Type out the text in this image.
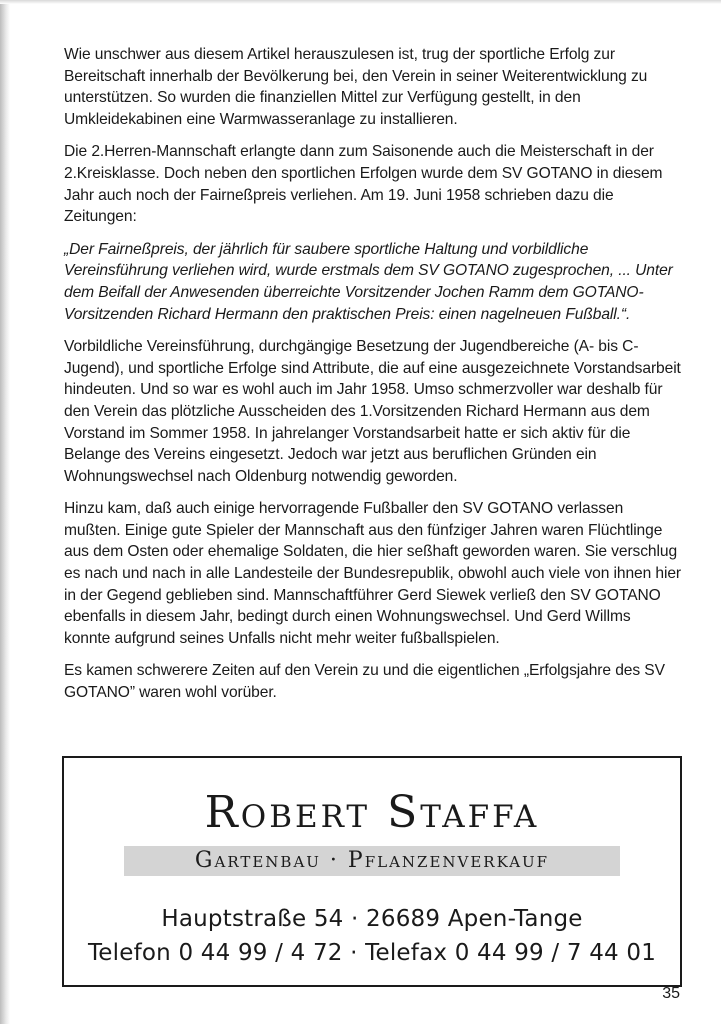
Wie unschwer aus diesem Artikel herauszulesen ist, trug der sportliche Erfolg zur Bereitschaft innerhalb der Bevölkerung bei, den Verein in seiner Weiterentwicklung zu unterstützen. So wurden die finanziellen Mittel zur Verfügung gestellt, in den Umkleidekabinen eine Warmwasseranlage zu installieren.

Die 2.Herren-Mannschaft erlangte dann zum Saisonende auch die Meisterschaft in der 2.Kreisklasse. Doch neben den sportlichen Erfolgen wurde dem SV GOTANO in diesem Jahr auch noch der Fairneßpreis verliehen. Am 19. Juni 1958 schrieben dazu die Zeitungen:

„Der Fairneßpreis, der jährlich für saubere sportliche Haltung und vorbildliche Vereinsführung verliehen wird, wurde erstmals dem SV GOTANO zugesprochen, ... Unter dem Beifall der Anwesenden überreichte Vorsitzender Jochen Ramm dem GOTANO-Vorsitzenden Richard Hermann den praktischen Preis: einen nagelneuen Fußball.“.

Vorbildliche Vereinsführung, durchgängige Besetzung der Jugendbereiche (A- bis C-Jugend), und sportliche Erfolge sind Attribute, die auf eine ausgezeichnete Vorstandsarbeit hindeuten. Und so war es wohl auch im Jahr 1958. Umso schmerzvoller war deshalb für den Verein das plötzliche Ausscheiden des 1.Vorsitzenden Richard Hermann aus dem Vorstand im Sommer 1958. In jahrelanger Vorstandsarbeit hatte er sich aktiv für die Belange des Vereins eingesetzt. Jedoch war jetzt aus beruflichen Gründen ein Wohnungswechsel nach Oldenburg notwendig geworden.

Hinzu kam, daß auch einige hervorragende Fußballer den SV GOTANO verlassen mußten. Einige gute Spieler der Mannschaft aus den fünfziger Jahren waren Flüchtlinge aus dem Osten oder ehemalige Soldaten, die hier seßhaft geworden waren. Sie verschlug es nach und nach in alle Landesteile der Bundesrepublik, obwohl auch viele von ihnen hier in der Gegend geblieben sind. Mannschaftführer Gerd Siewek verließ den SV GOTANO ebenfalls in diesem Jahr, bedingt durch einen Wohnungswechsel. Und Gerd Willms konnte aufgrund seines Unfalls nicht mehr weiter fußballspielen.

Es kamen schwerere Zeiten auf den Verein zu und die eigentlichen „Erfolgsjahre des SV GOTANO” waren wohl vorüber.

Robert Staffa
Gartenbau · Pflanzenverkauf
Hauptstraße 54 · 26689 Apen-Tange
Telefon 0 44 99 / 4 72 · Telefax 0 44 99 / 7 44 01
35
